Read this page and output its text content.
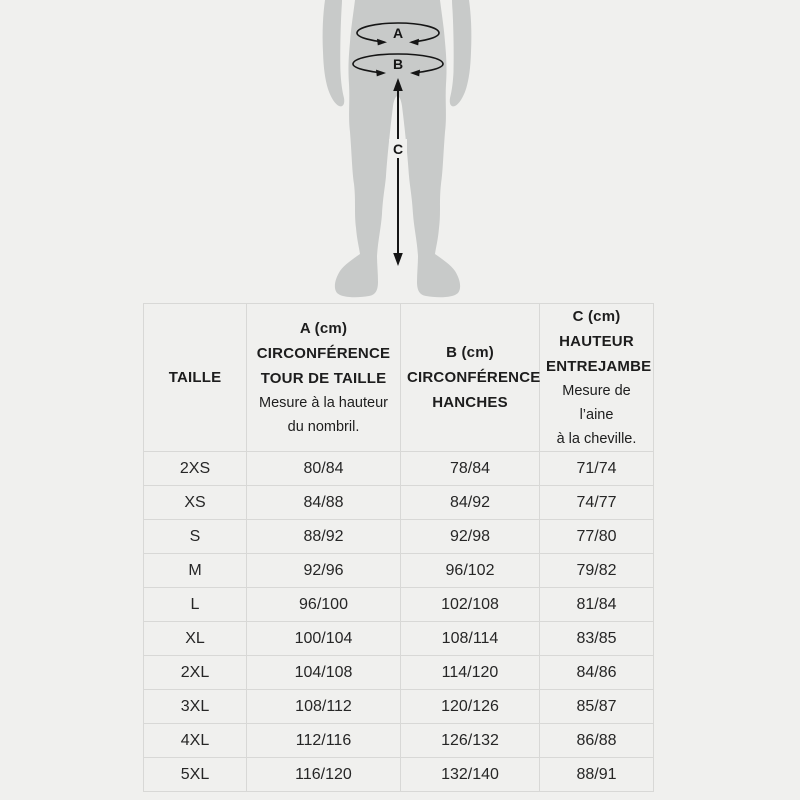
A
B
C
TAILLE

A (cm)
CIRCONFÉRENCE
TOUR DE TAILLE
Mesure à la hauteur
du nombril.

B (cm)
CIRCONFÉRENCE
HANCHES

C (cm)
HAUTEUR
ENTREJAMBE
Mesure de l’aine
à la cheville.

2XS	80/84	78/84	71/74
XS	84/88	84/92	74/77
S	88/92	92/98	77/80
M	92/96	96/102	79/82
L	96/100	102/108	81/84
XL	100/104	108/114	83/85
2XL	104/108	114/120	84/86
3XL	108/112	120/126	85/87
4XL	112/116	126/132	86/88
5XL	116/120	132/140	88/91
